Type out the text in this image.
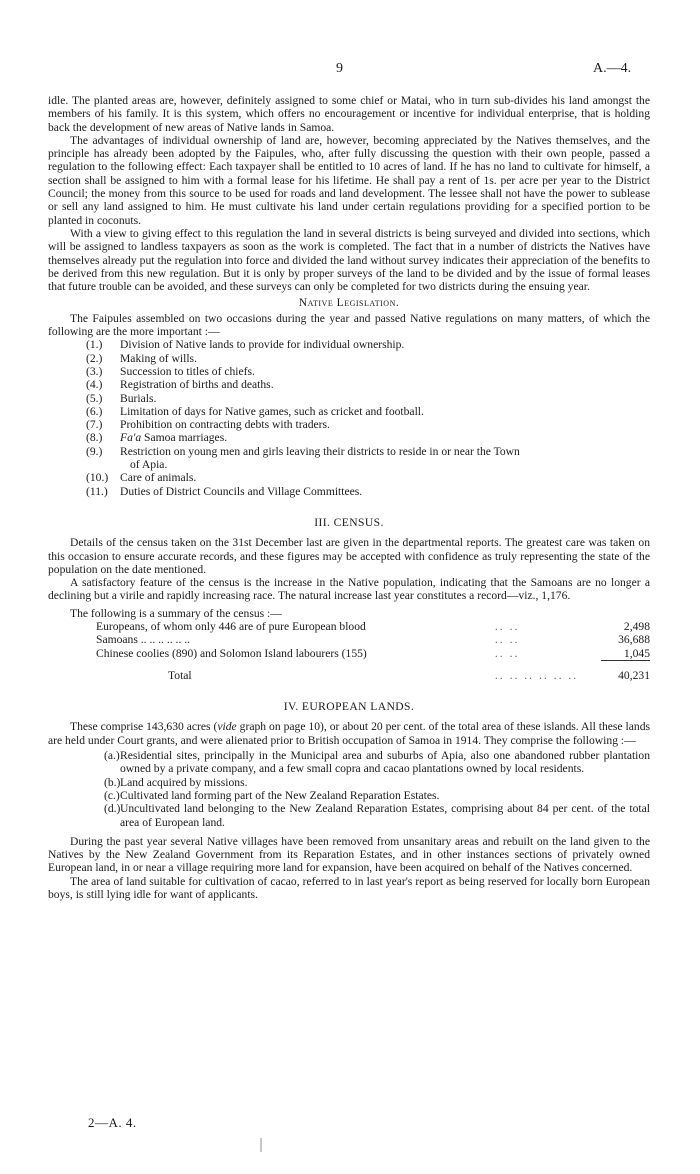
9	A.—4.

idle. The planted areas are, however, definitely assigned to some chief or Matai, who in turn sub-divides his land amongst the members of his family. It is this system, which offers no encouragement or incentive for individual enterprise, that is holding back the development of new areas of Native lands in Samoa.

The advantages of individual ownership of land are, however, becoming appreciated by the Natives themselves, and the principle has already been adopted by the Faipules, who, after fully discussing the question with their own people, passed a regulation to the following effect: Each taxpayer shall be entitled to 10 acres of land. If he has no land to cultivate for himself, a section shall be assigned to him with a formal lease for his lifetime. He shall pay a rent of 1s. per acre per year to the District Council; the money from this source to be used for roads and land development. The lessee shall not have the power to sublease or sell any land assigned to him. He must cultivate his land under certain regulations providing for a specified portion to be planted in coconuts.

With a view to giving effect to this regulation the land in several districts is being surveyed and divided into sections, which will be assigned to landless taxpayers as soon as the work is completed. The fact that in a number of districts the Natives have themselves already put the regulation into force and divided the land without survey indicates their appreciation of the benefits to be derived from this new regulation. But it is only by proper surveys of the land to be divided and by the issue of formal leases that future trouble can be avoided, and these surveys can only be completed for two districts during the ensuing year.

Native Legislation.

The Faipules assembled on two occasions during the year and passed Native regulations on many matters, of which the following are the more important :—

(1.)	Division of Native lands to provide for individual ownership.
(2.)	Making of wills.
(3.)	Succession to titles of chiefs.
(4.)	Registration of births and deaths.
(5.)	Burials.
(6.)	Limitation of days for Native games, such as cricket and football.
(7.)	Prohibition on contracting debts with traders.
(8.)	Fa'a Samoa marriages.
(9.)	Restriction on young men and girls leaving their districts to reside in or near the Town
of Apia.
(10.)	Care of animals.
(11.)	Duties of District Councils and Village Committees.
III. CENSUS.

Details of the census taken on the 31st December last are given in the departmental reports. The greatest care was taken on this occasion to ensure accurate records, and these figures may be accepted with confidence as truly representing the state of the population on the date mentioned.

A satisfactory feature of the census is the increase in the Native population, indicating that the Samoans are no longer a declining but a virile and rapidly increasing race. The natural increase last year constitutes a record—viz., 1,176.

The following is a summary of the census :—

Europeans, of whom only 446 are of pure European blood	.. ..	2,498
Samoans .. .. .. .. .. ..	.. ..	36,688
Chinese coolies (890) and Solomon Island labourers (155)	.. ..	1,045
Total	.. .. .. .. .. ..	40,231
IV. EUROPEAN LANDS.

These comprise 143,630 acres (vide graph on page 10), or about 20 per cent. of the total area of these islands. All these lands are held under Court grants, and were alienated prior to British occupation of Samoa in 1914. They comprise the following :—

(a.) Residential sites, principally in the Municipal area and suburbs of Apia, also one abandoned rubber plantation owned by a private company, and a few small copra and cacao plantations owned by local residents.
(b.) Land acquired by missions.
(c.) Cultivated land forming part of the New Zealand Reparation Estates.
(d.) Uncultivated land belonging to the New Zealand Reparation Estates, comprising about 84 per cent. of the total area of European land.

During the past year several Native villages have been removed from unsanitary areas and rebuilt on the land given to the Natives by the New Zealand Government from its Reparation Estates, and in other instances sections of privately owned European land, in or near a village requiring more land for expansion, have been acquired on behalf of the Natives concerned.

The area of land suitable for cultivation of cacao, referred to in last year's report as being reserved for locally born European boys, is still lying idle for want of applicants.

2—A. 4.
